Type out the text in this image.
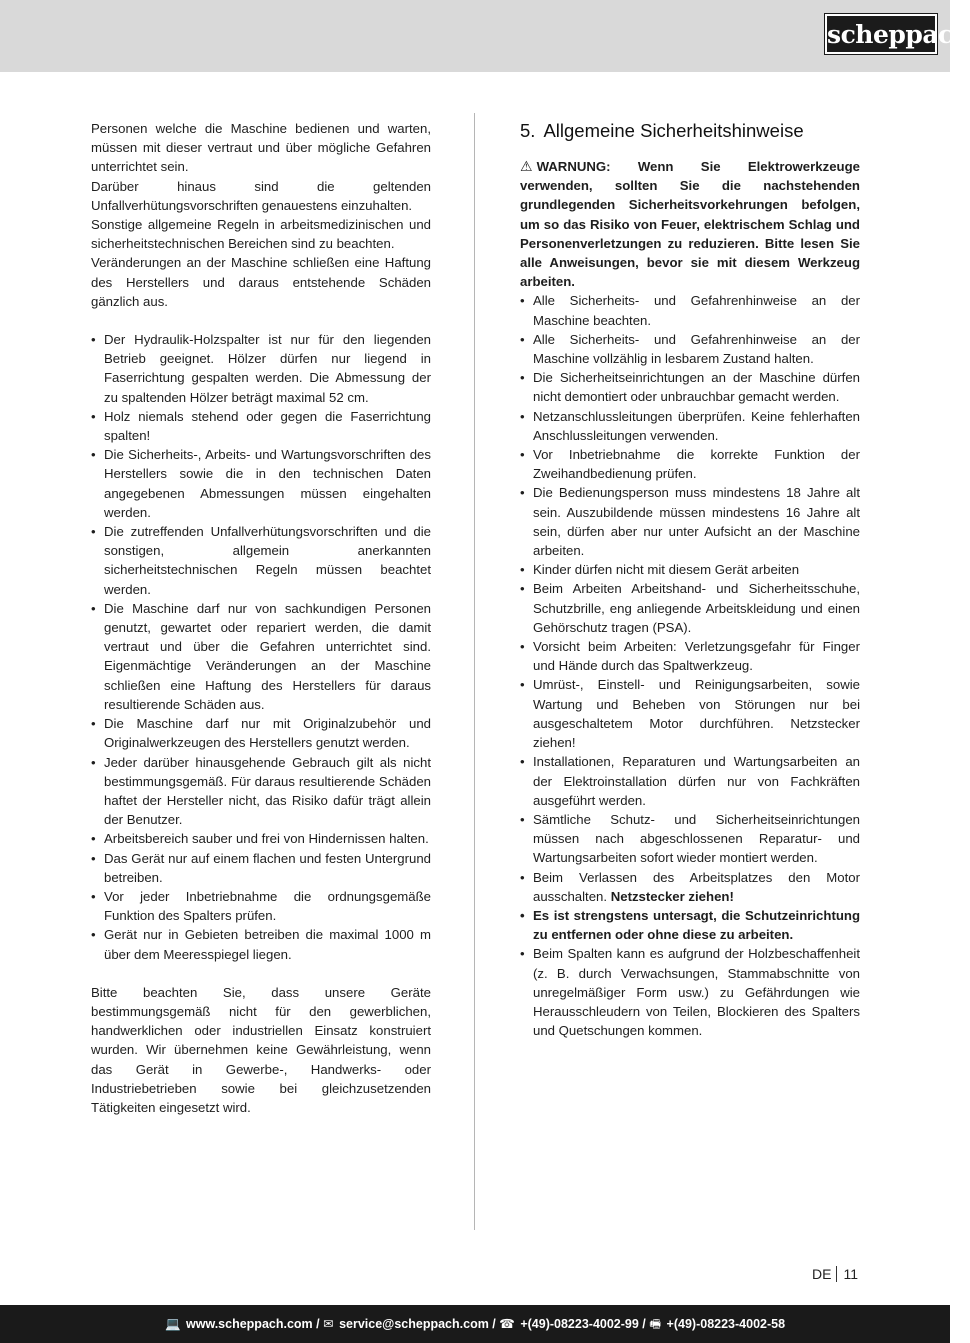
scheppach

Personen welche die Maschine bedienen und warten, müssen mit dieser vertraut und über mögliche Gefahren unterrichtet sein.

Darüber hinaus sind die geltenden Unfallverhütungsvorschriften genauestens einzuhalten.

Sonstige allgemeine Regeln in arbeitsmedizinischen und sicherheitstechnischen Bereichen sind zu beachten.

Veränderungen an der Maschine schließen eine Haftung des Herstellers und daraus entstehende Schäden gänzlich aus.

• Der Hydraulik-Holzspalter ist nur für den liegenden Betrieb geeignet. Hölzer dürfen nur liegend in Faserrichtung gespalten werden. Die Abmessung der zu spaltenden Hölzer beträgt maximal 52 cm.
• Holz niemals stehend oder gegen die Faserrichtung spalten!
• Die Sicherheits-, Arbeits- und Wartungsvorschriften des Herstellers sowie die in den technischen Daten angegebenen Abmessungen müssen eingehalten werden.
• Die zutreffenden Unfallverhütungsvorschriften und die sonstigen, allgemein anerkannten sicherheitstechnischen Regeln müssen beachtet werden.
• Die Maschine darf nur von sachkundigen Personen genutzt, gewartet oder repariert werden, die damit vertraut und über die Gefahren unterrichtet sind. Eigenmächtige Veränderungen an der Maschine schließen eine Haftung des Herstellers für daraus resultierende Schäden aus.
• Die Maschine darf nur mit Originalzubehör und Originalwerkzeugen des Herstellers genutzt werden.
• Jeder darüber hinausgehende Gebrauch gilt als nicht bestimmungsgemäß. Für daraus resultierende Schäden haftet der Hersteller nicht, das Risiko dafür trägt allein der Benutzer.
• Arbeitsbereich sauber und frei von Hindernissen halten.
• Das Gerät nur auf einem flachen und festen Untergrund betreiben.
• Vor jeder Inbetriebnahme die ordnungsgemäße Funktion des Spalters prüfen.
• Gerät nur in Gebieten betreiben die maximal 1000 m über dem Meeresspiegel liegen.

Bitte beachten Sie, dass unsere Geräte bestimmungsgemäß nicht für den gewerblichen, handwerklichen oder industriellen Einsatz konstruiert wurden. Wir übernehmen keine Gewährleistung, wenn das Gerät in Gewerbe-, Handwerks- oder Industriebetrieben sowie bei gleichzusetzenden Tätigkeiten eingesetzt wird.

5. Allgemeine Sicherheitshinweise

⚠ WARNUNG: Wenn Sie Elektrowerkzeuge verwenden, sollten Sie die nachstehenden grundlegenden Sicherheitsvorkehrungen befolgen, um so das Risiko von Feuer, elektrischem Schlag und Personenverletzungen zu reduzieren. Bitte lesen Sie alle Anweisungen, bevor sie mit diesem Werkzeug arbeiten.

• Alle Sicherheits- und Gefahrenhinweise an der Maschine beachten.
• Alle Sicherheits- und Gefahrenhinweise an der Maschine vollzählig in lesbarem Zustand halten.
• Die Sicherheitseinrichtungen an der Maschine dürfen nicht demontiert oder unbrauchbar gemacht werden.
• Netzanschlussleitungen überprüfen. Keine fehlerhaften Anschlussleitungen verwenden.
• Vor Inbetriebnahme die korrekte Funktion der Zweihandbedienung prüfen.
• Die Bedienungsperson muss mindestens 18 Jahre alt sein. Auszubildende müssen mindestens 16 Jahre alt sein, dürfen aber nur unter Aufsicht an der Maschine arbeiten.
• Kinder dürfen nicht mit diesem Gerät arbeiten
• Beim Arbeiten Arbeitshand- und Sicherheitsschuhe, Schutzbrille, eng anliegende Arbeitskleidung und einen Gehörschutz tragen (PSA).
• Vorsicht beim Arbeiten: Verletzungsgefahr für Finger und Hände durch das Spaltwerkzeug.
• Umrüst-, Einstell- und Reinigungsarbeiten, sowie Wartung und Beheben von Störungen nur bei ausgeschaltetem Motor durchführen. Netzstecker ziehen!
• Installationen, Reparaturen und Wartungsarbeiten an der Elektroinstallation dürfen nur von Fachkräften ausgeführt werden.
• Sämtliche Schutz- und Sicherheitseinrichtungen müssen nach abgeschlossenen Reparatur- und Wartungsarbeiten sofort wieder montiert werden.
• Beim Verlassen des Arbeitsplatzes den Motor ausschalten. Netzstecker ziehen!
• Es ist strengstens untersagt, die Schutzeinrichtung zu entfernen oder ohne diese zu arbeiten.
• Beim Spalten kann es aufgrund der Holzbeschaffenheit (z. B. durch Verwachsungen, Stammabschnitte von unregelmäßiger Form usw.) zu Gefährdungen wie Herausschleudern von Teilen, Blockieren des Spalters und Quetschungen kommen.
DE 11
💻 www.scheppach.com / ✉ service@scheppach.com / ☎ +(49)-08223-4002-99 / 🖷 +(49)-08223-4002-58
